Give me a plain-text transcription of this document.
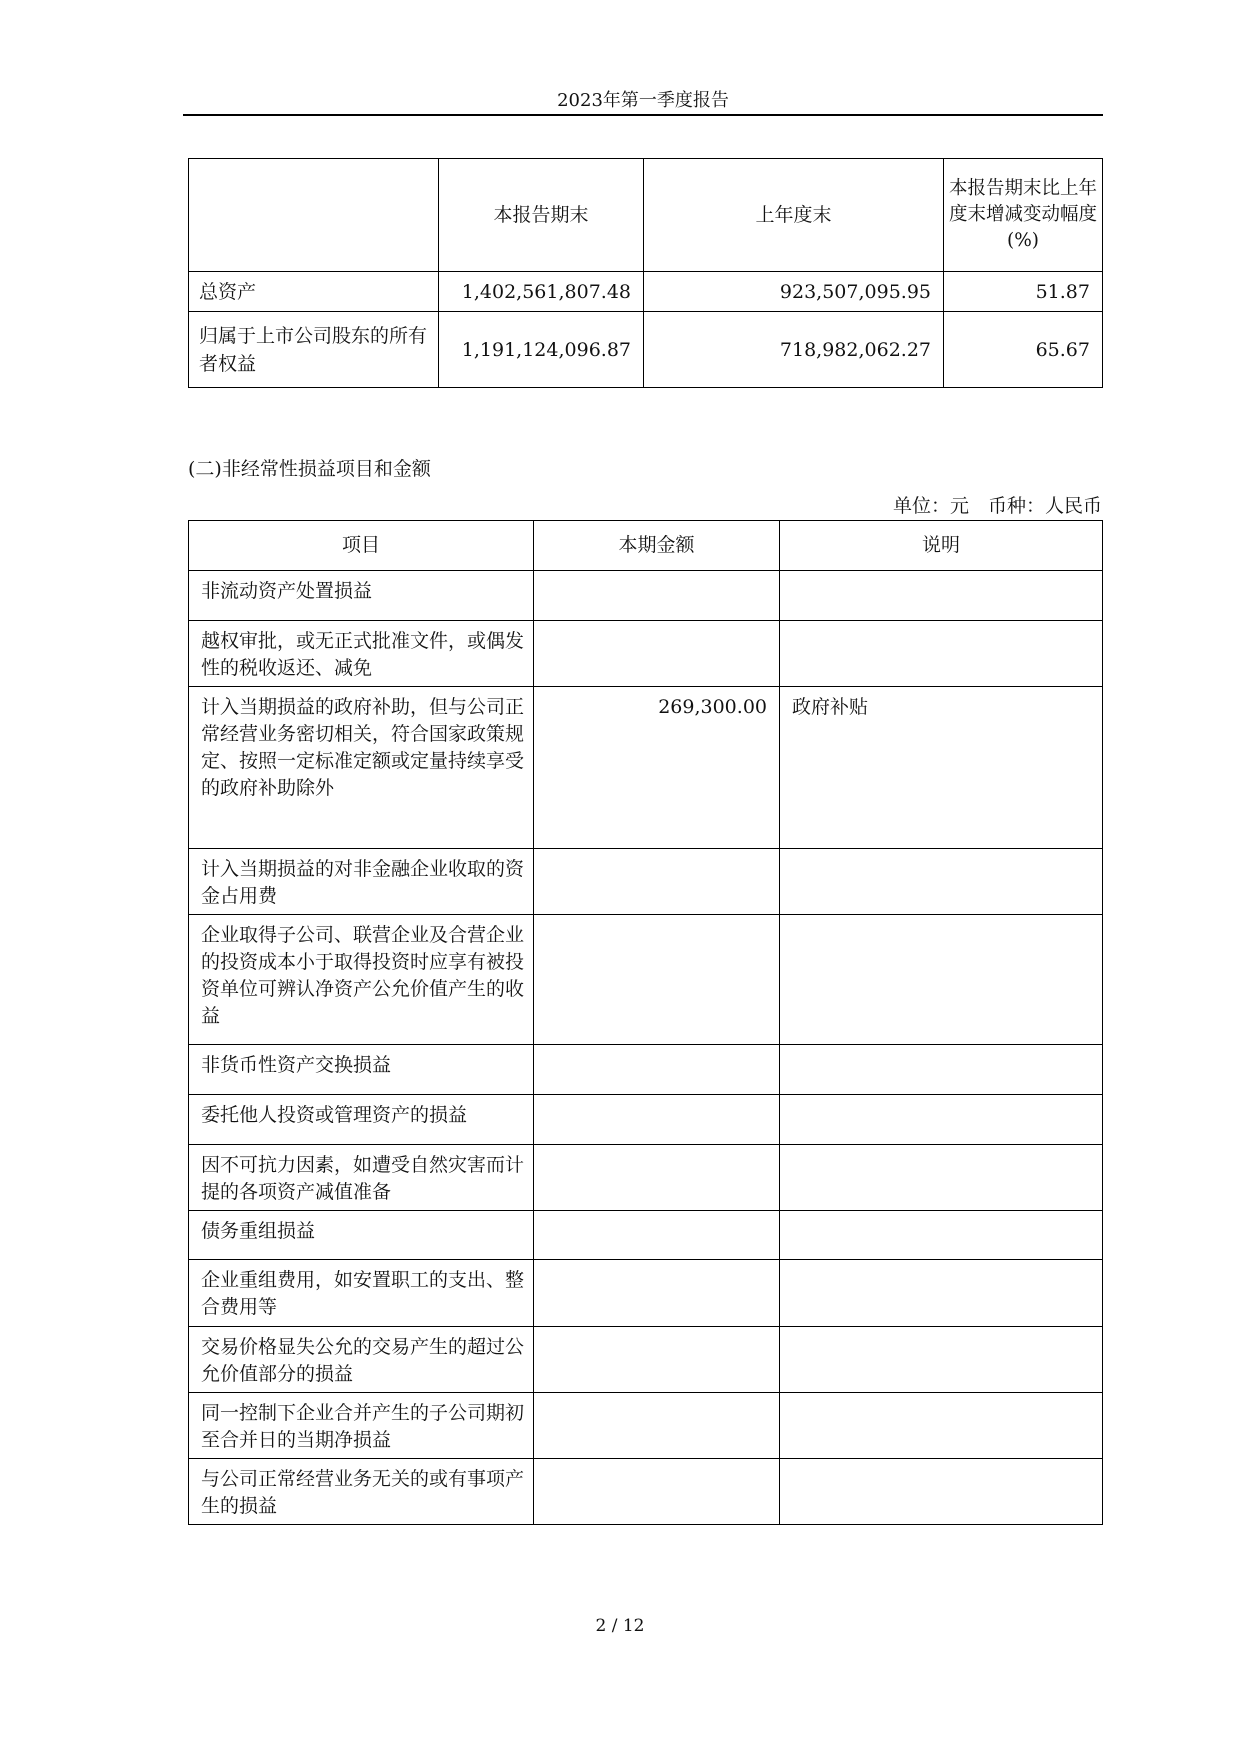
2023年第一季度报告
	本报告期末	上年度末	本报告期末比上年度末增减变动幅度(%)
总资产	1,402,561,807.48	923,507,095.95	51.87
归属于上市公司股东的所有者权益	1,191,124,096.87	718,982,062.27	65.67
(二)非经常性损益项目和金额
单位：元　币种：人民币
项目	本期金额	说明
非流动资产处置损益		
越权审批，或无正式批准文件，或偶发性的税收返还、减免		
计入当期损益的政府补助，但与公司正常经营业务密切相关，符合国家政策规定、按照一定标准定额或定量持续享受的政府补助除外	269,300.00	政府补贴
计入当期损益的对非金融企业收取的资金占用费		
企业取得子公司、联营企业及合营企业的投资成本小于取得投资时应享有被投资单位可辨认净资产公允价值产生的收益		
非货币性资产交换损益		
委托他人投资或管理资产的损益		
因不可抗力因素，如遭受自然灾害而计提的各项资产减值准备		
债务重组损益		
企业重组费用，如安置职工的支出、整合费用等		
交易价格显失公允的交易产生的超过公允价值部分的损益		
同一控制下企业合并产生的子公司期初至合并日的当期净损益		
与公司正常经营业务无关的或有事项产生的损益		
2 / 12
